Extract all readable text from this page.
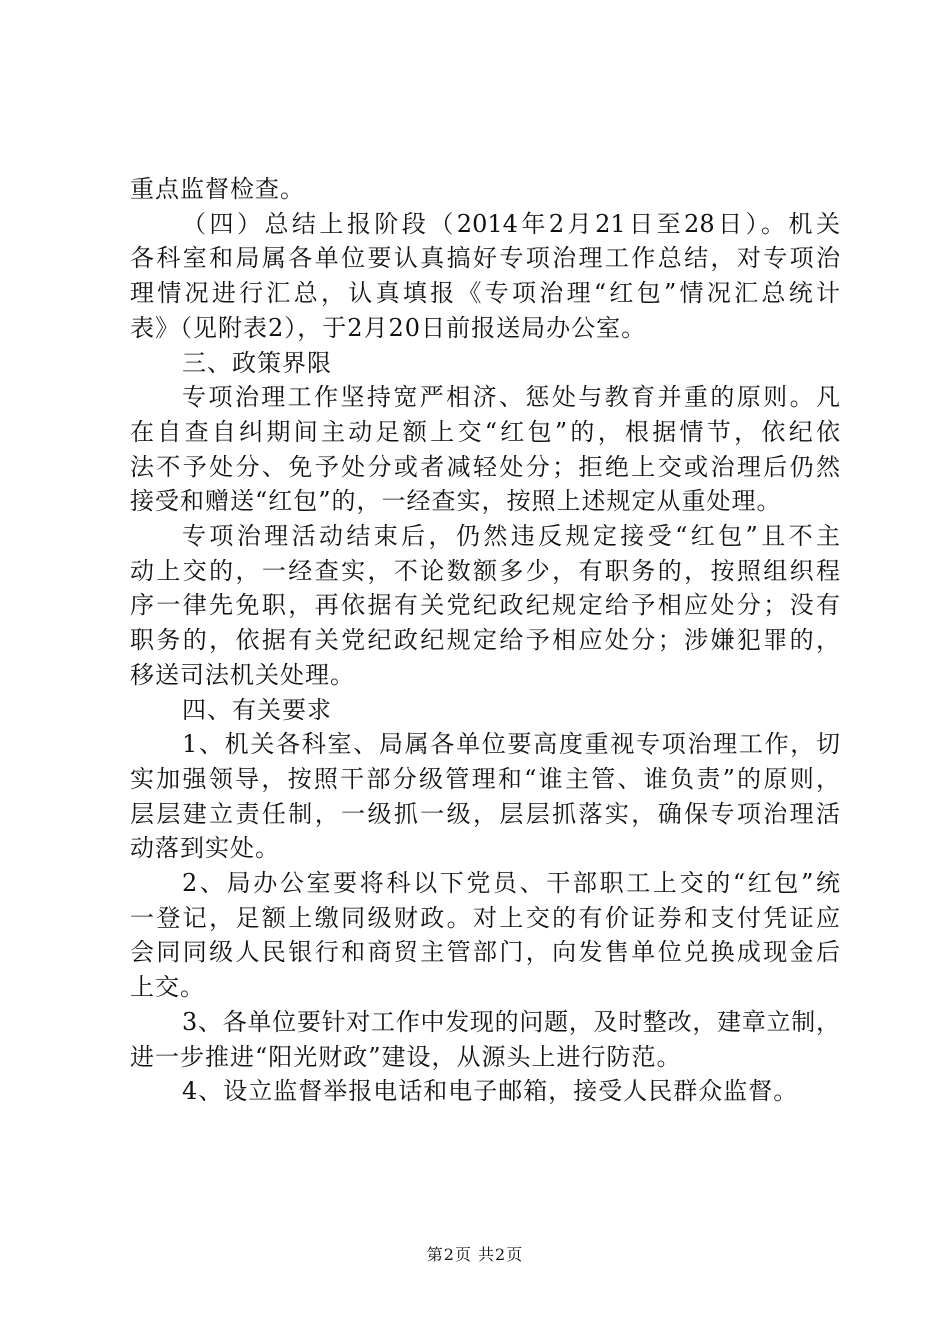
重点监督检查。
（四）总结上报阶段（2014年2月21日至28日）。机关
各科室和局属各单位要认真搞好专项治理工作总结，对专项治
理情况进行汇总，认真填报《专项治理“红包”情况汇总统计
表》（见附表2），于2月20日前报送局办公室。
三、政策界限
专项治理工作坚持宽严相济、惩处与教育并重的原则。凡
在自查自纠期间主动足额上交“红包”的，根据情节，依纪依
法不予处分、免予处分或者减轻处分；拒绝上交或治理后仍然
接受和赠送“红包”的，一经查实，按照上述规定从重处理。
专项治理活动结束后，仍然违反规定接受“红包”且不主
动上交的，一经查实，不论数额多少，有职务的，按照组织程
序一律先免职，再依据有关党纪政纪规定给予相应处分；没有
职务的，依据有关党纪政纪规定给予相应处分；涉嫌犯罪的，
移送司法机关处理。
四、有关要求
1、机关各科室、局属各单位要高度重视专项治理工作，切
实加强领导，按照干部分级管理和“谁主管、谁负责”的原则，
层层建立责任制，一级抓一级，层层抓落实，确保专项治理活
动落到实处。
2、局办公室要将科以下党员、干部职工上交的“红包”统
一登记，足额上缴同级财政。对上交的有价证券和支付凭证应
会同同级人民银行和商贸主管部门，向发售单位兑换成现金后
上交。
3、各单位要针对工作中发现的问题，及时整改，建章立制，
进一步推进“阳光财政”建设，从源头上进行防范。
4、设立监督举报电话和电子邮箱，接受人民群众监督。
第2页 共2页
